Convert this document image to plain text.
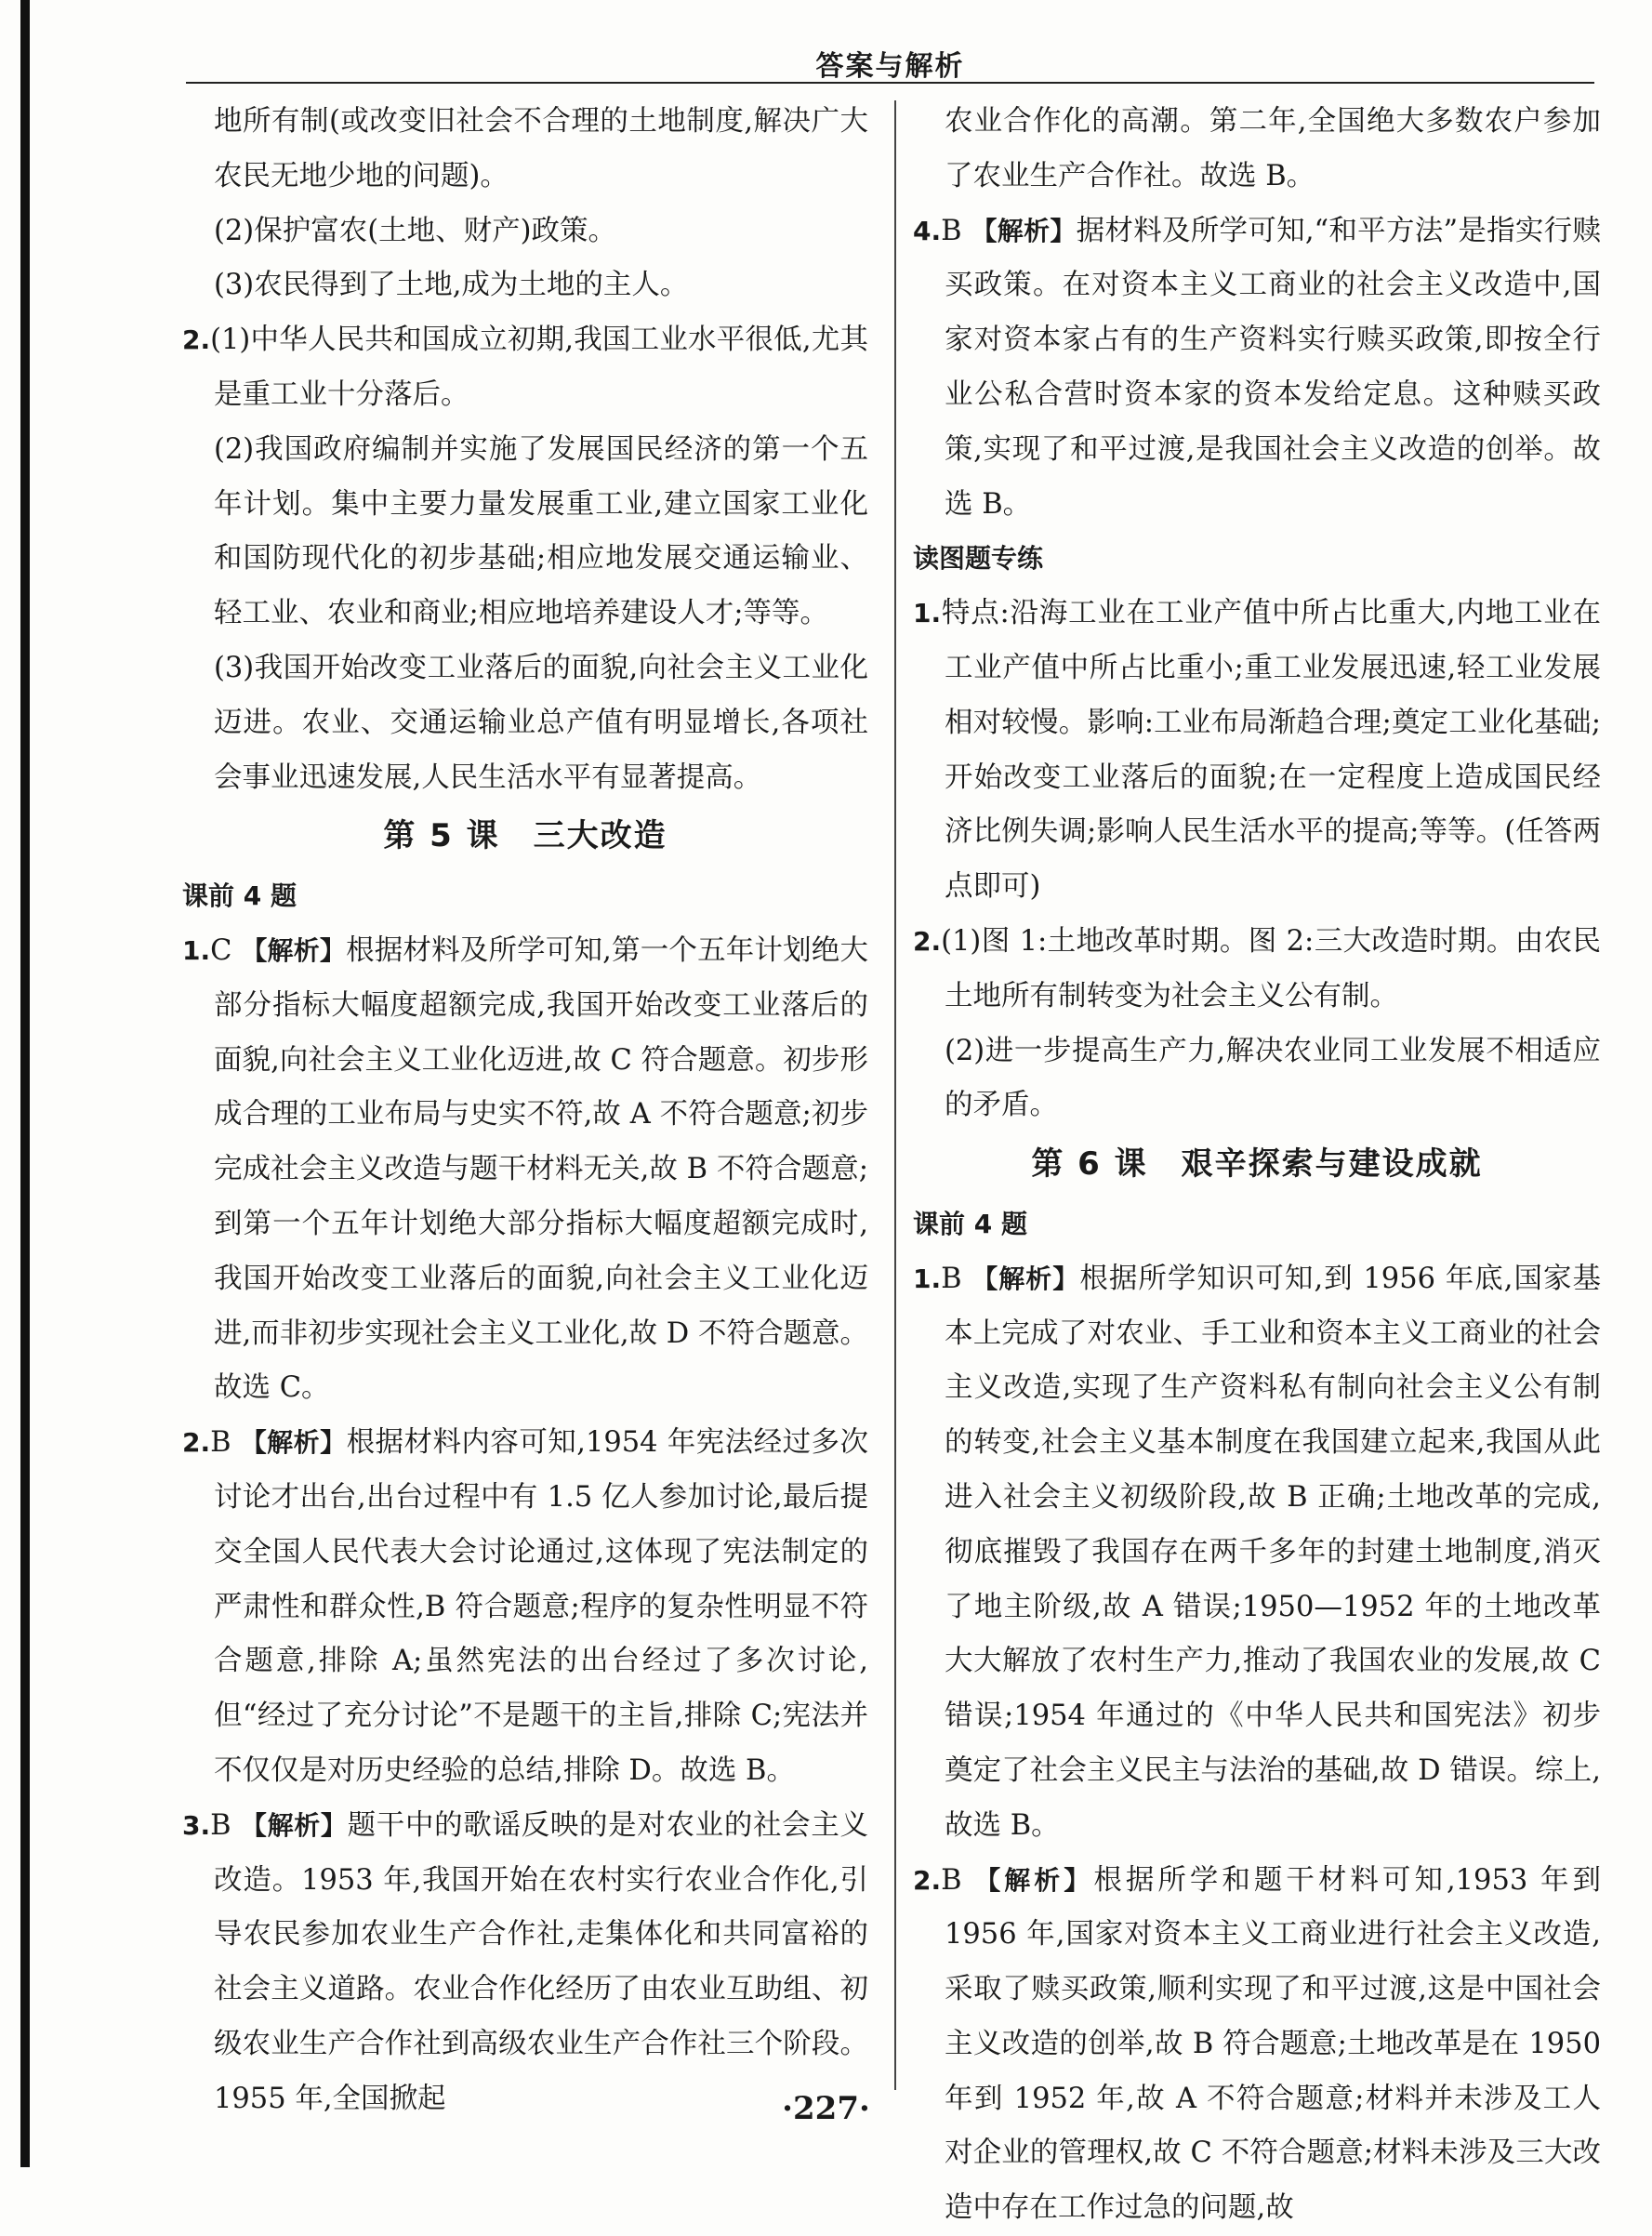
答案与解析

地所有制(或改变旧社会不合理的土地制度,解决广大农民无地少地的问题)。

(2)保护富农(土地、财产)政策。

(3)农民得到了土地,成为土地的主人。

2.(1)中华人民共和国成立初期,我国工业水平很低,尤其是重工业十分落后。

(2)我国政府编制并实施了发展国民经济的第一个五年计划。集中主要力量发展重工业,建立国家工业化和国防现代化的初步基础;相应地发展交通运输业、轻工业、农业和商业;相应地培养建设人才;等等。

(3)我国开始改变工业落后的面貌,向社会主义工业化迈进。农业、交通运输业总产值有明显增长,各项社会事业迅速发展,人民生活水平有显著提高。

第 5 课　三大改造
课前 4 题

1.C 【解析】根据材料及所学可知,第一个五年计划绝大部分指标大幅度超额完成,我国开始改变工业落后的面貌,向社会主义工业化迈进,故 C 符合题意。初步形成合理的工业布局与史实不符,故 A 不符合题意;初步完成社会主义改造与题干材料无关,故 B 不符合题意;到第一个五年计划绝大部分指标大幅度超额完成时,我国开始改变工业落后的面貌,向社会主义工业化迈进,而非初步实现社会主义工业化,故 D 不符合题意。故选 C。

2.B 【解析】根据材料内容可知,1954 年宪法经过多次讨论才出台,出台过程中有 1.5 亿人参加讨论,最后提交全国人民代表大会讨论通过,这体现了宪法制定的严肃性和群众性,B 符合题意;程序的复杂性明显不符合题意,排除 A;虽然宪法的出台经过了多次讨论,但“经过了充分讨论”不是题干的主旨,排除 C;宪法并不仅仅是对历史经验的总结,排除 D。故选 B。

3.B 【解析】题干中的歌谣反映的是对农业的社会主义改造。1953 年,我国开始在农村实行农业合作化,引导农民参加农业生产合作社,走集体化和共同富裕的社会主义道路。农业合作化经历了由农业互助组、初级农业生产合作社到高级农业生产合作社三个阶段。1955 年,全国掀起

农业合作化的高潮。第二年,全国绝大多数农户参加了农业生产合作社。故选 B。

4.B 【解析】据材料及所学可知,“和平方法”是指实行赎买政策。在对资本主义工商业的社会主义改造中,国家对资本家占有的生产资料实行赎买政策,即按全行业公私合营时资本家的资本发给定息。这种赎买政策,实现了和平过渡,是我国社会主义改造的创举。故选 B。

读图题专练

1.特点:沿海工业在工业产值中所占比重大,内地工业在工业产值中所占比重小;重工业发展迅速,轻工业发展相对较慢。影响:工业布局渐趋合理;奠定工业化基础;开始改变工业落后的面貌;在一定程度上造成国民经济比例失调;影响人民生活水平的提高;等等。(任答两点即可)

2.(1)图 1:土地改革时期。图 2:三大改造时期。由农民土地所有制转变为社会主义公有制。

(2)进一步提高生产力,解决农业同工业发展不相适应的矛盾。

第 6 课　艰辛探索与建设成就
课前 4 题

1.B 【解析】根据所学知识可知,到 1956 年底,国家基本上完成了对农业、手工业和资本主义工商业的社会主义改造,实现了生产资料私有制向社会主义公有制的转变,社会主义基本制度在我国建立起来,我国从此进入社会主义初级阶段,故 B 正确;土地改革的完成,彻底摧毁了我国存在两千多年的封建土地制度,消灭了地主阶级,故 A 错误;1950—1952 年的土地改革大大解放了农村生产力,推动了我国农业的发展,故 C 错误;1954 年通过的《中华人民共和国宪法》初步奠定了社会主义民主与法治的基础,故 D 错误。综上,故选 B。

2.B 【解析】根据所学和题干材料可知,1953 年到 1956 年,国家对资本主义工商业进行社会主义改造,采取了赎买政策,顺利实现了和平过渡,这是中国社会主义改造的创举,故 B 符合题意;土地改革是在 1950 年到 1952 年,故 A 不符合题意;材料并未涉及工人对企业的管理权,故 C 不符合题意;材料未涉及三大改造中存在工作过急的问题,故

·227·
